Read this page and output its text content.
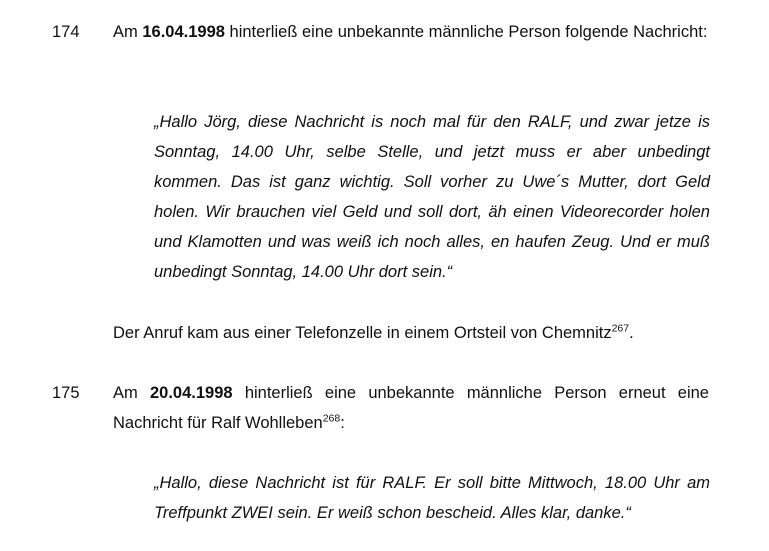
174 Am 16.04.1998 hinterließ eine unbekannte männliche Person folgende Nachricht:
„Hallo Jörg, diese Nachricht is noch mal für den RALF, und zwar jetze is Sonntag, 14.00 Uhr, selbe Stelle, und jetzt muss er aber unbedingt kommen. Das ist ganz wichtig. Soll vorher zu Uwe´s Mutter, dort Geld holen. Wir brauchen viel Geld und soll dort, äh einen Videorecorder holen und Klamotten und was weiß ich noch alles, en haufen Zeug. Und er muß unbedingt Sonntag, 14.00 Uhr dort sein.“
Der Anruf kam aus einer Telefonzelle in einem Ortsteil von Chemnitz$^{267}$.
175 Am 20.04.1998 hinterließ eine unbekannte männliche Person erneut eine Nachricht für Ralf Wohlleben$^{268}$:
„Hallo, diese Nachricht ist für RALF. Er soll bitte Mittwoch, 18.00 Uhr am Treffpunkt ZWEI sein. Er weiß schon bescheid. Alles klar, danke.“
